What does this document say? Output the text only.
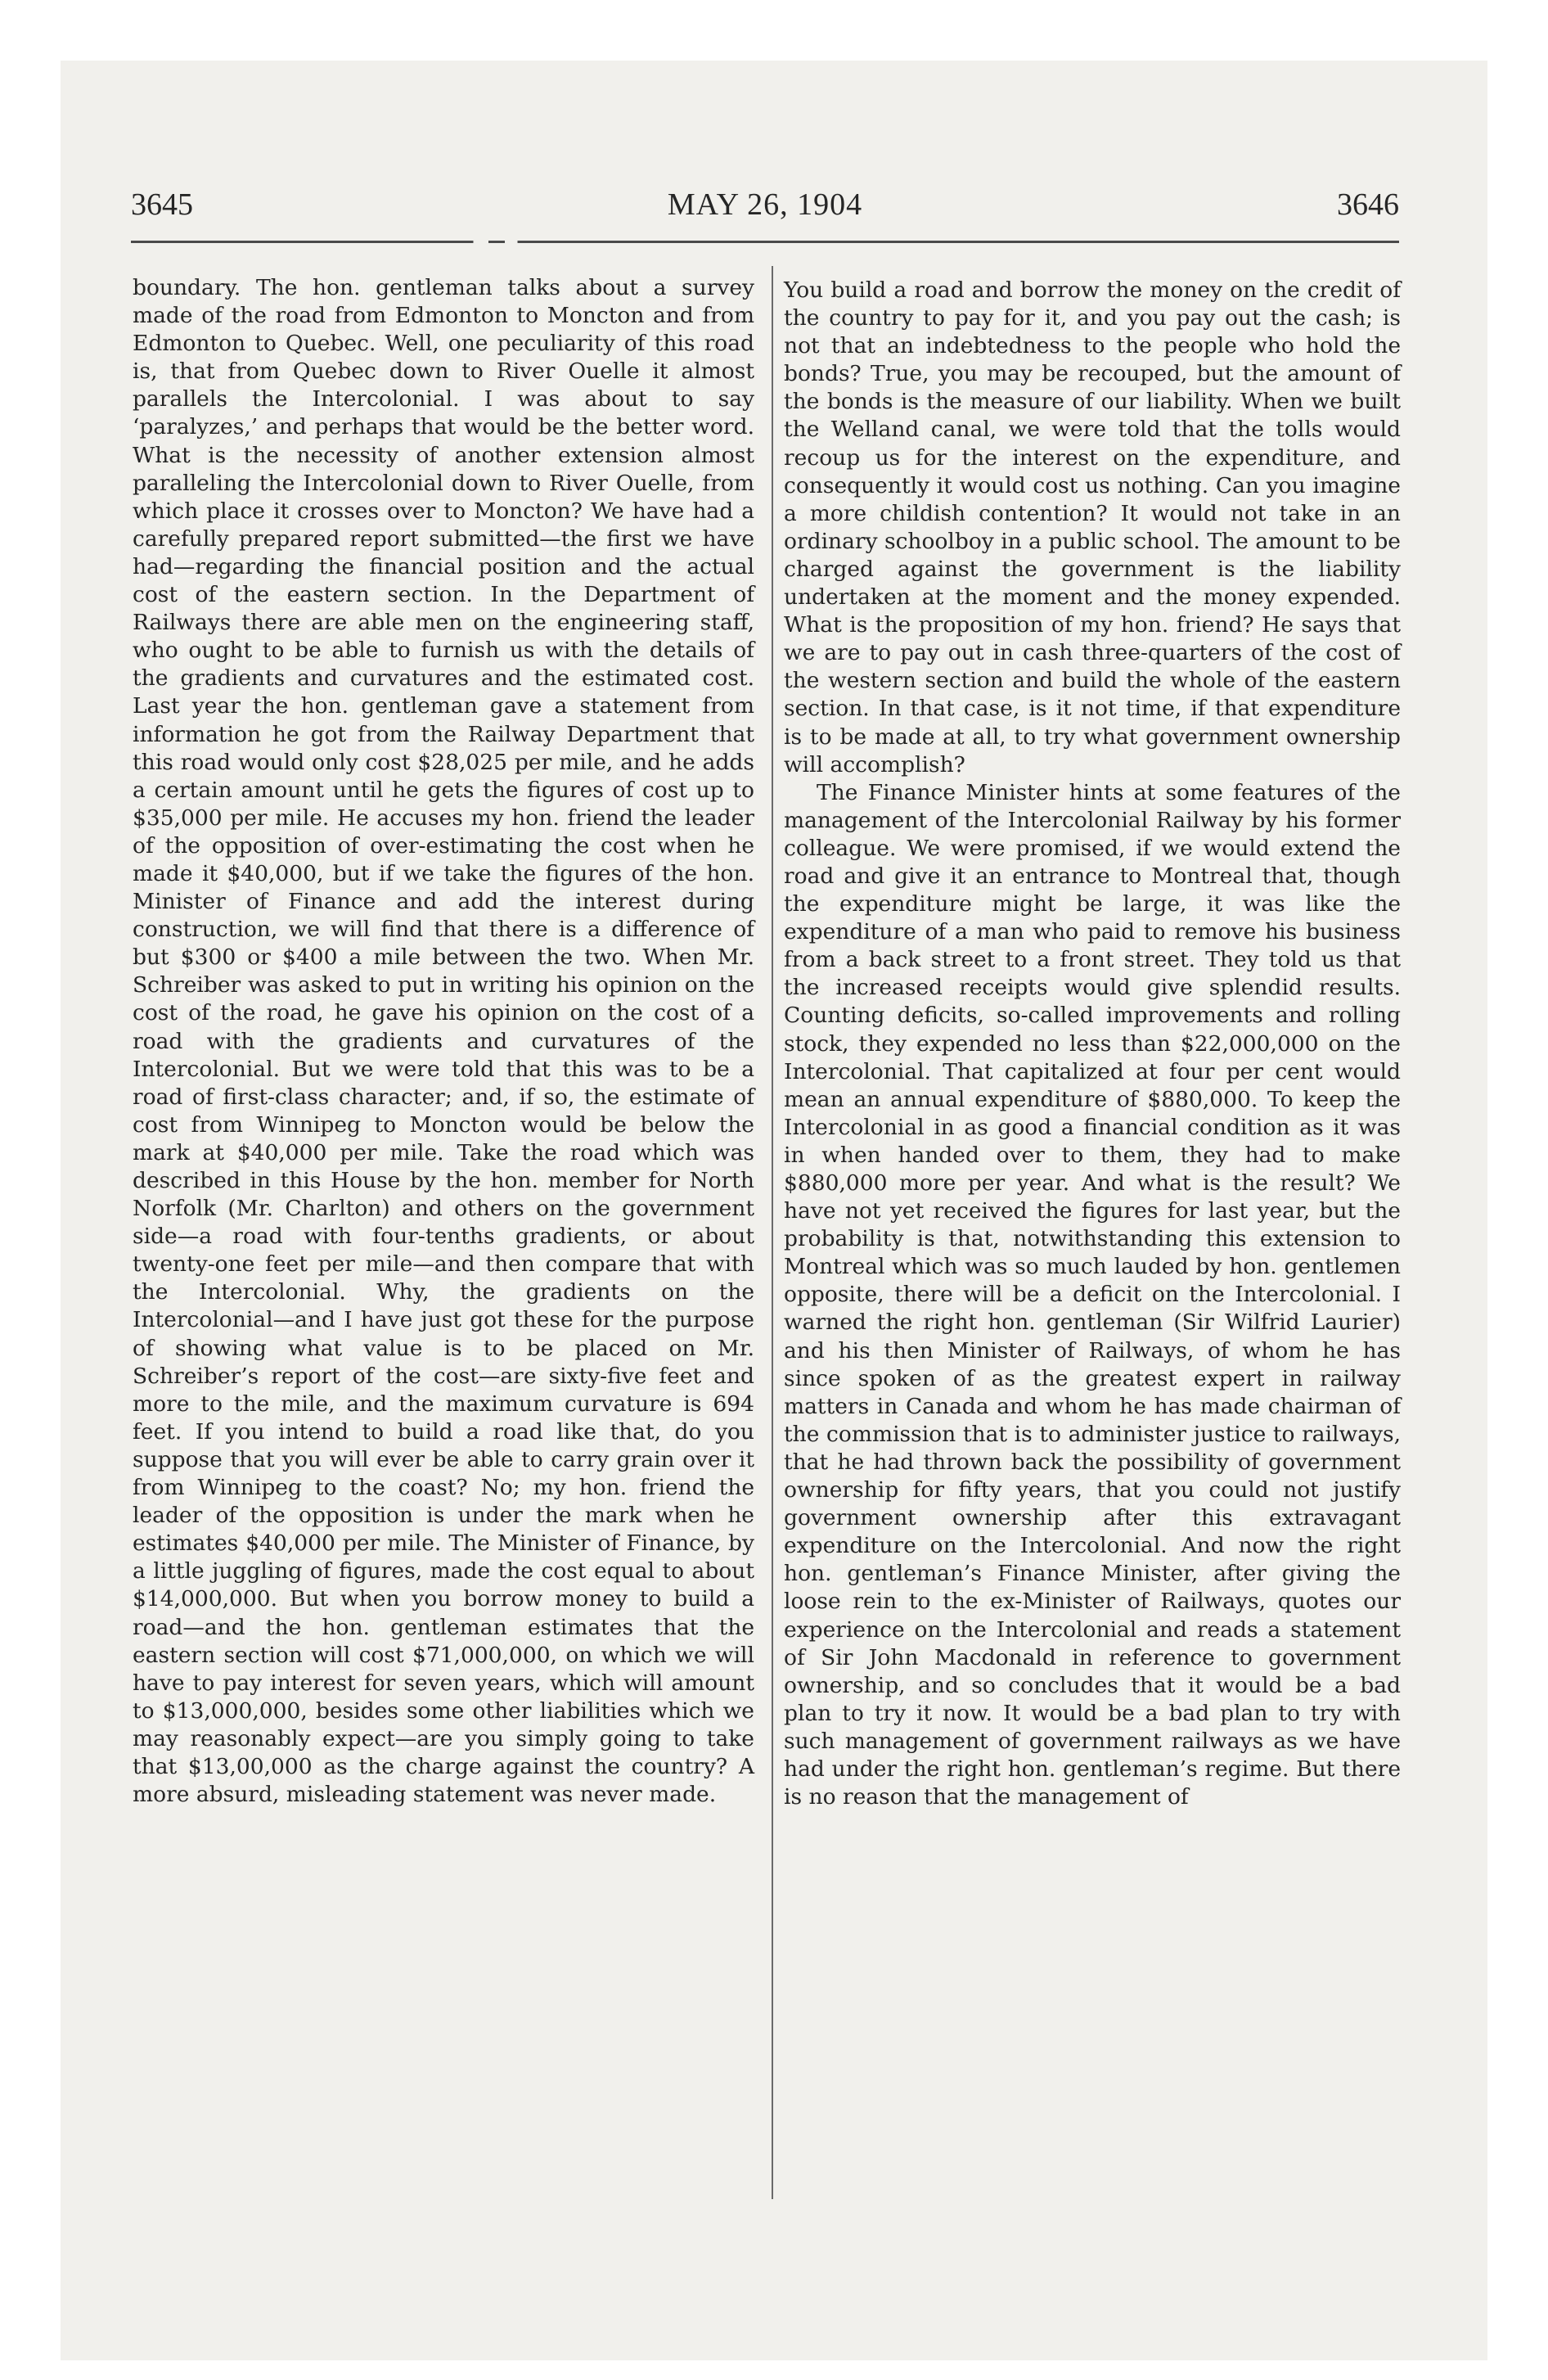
3645	MAY 26, 1904	3646

boundary. The hon. gentleman talks about a survey made of the road from Edmonton to Moncton and from Edmonton to Quebec. Well, one peculiarity of this road is, that from Quebec down to River Ouelle it almost parallels the Intercolonial. I was about to say ‘paralyzes,’ and perhaps that would be the better word. What is the necessity of another extension almost paralleling the Intercolonial down to River Ouelle, from which place it crosses over to Moncton? We have had a carefully prepared report submitted—the first we have had—regarding the financial position and the actual cost of the eastern section. In the Department of Railways there are able men on the engineering staff, who ought to be able to furnish us with the details of the gradients and curvatures and the estimated cost. Last year the hon. gentleman gave a statement from information he got from the Railway Department that this road would only cost $28,025 per mile, and he adds a certain amount until he gets the figures of cost up to $35,000 per mile. He accuses my hon. friend the leader of the opposition of over-estimating the cost when he made it $40,000, but if we take the figures of the hon. Minister of Finance and add the interest during construction, we will find that there is a difference of but $300 or $400 a mile between the two. When Mr. Schreiber was asked to put in writing his opinion on the cost of the road, he gave his opinion on the cost of a road with the gradients and curvatures of the Intercolonial. But we were told that this was to be a road of first-class character; and, if so, the estimate of cost from Winnipeg to Moncton would be below the mark at $40,000 per mile. Take the road which was described in this House by the hon. member for North Norfolk (Mr. Charlton) and others on the government side—a road with four-tenths gradients, or about twenty-one feet per mile—and then compare that with the Intercolonial. Why, the gradients on the Intercolonial—and I have just got these for the purpose of showing what value is to be placed on Mr. Schreiber’s report of the cost—are sixty-five feet and more to the mile, and the maximum curvature is 694 feet. If you intend to build a road like that, do you suppose that you will ever be able to carry grain over it from Winnipeg to the coast? No; my hon. friend the leader of the opposition is under the mark when he estimates $40,000 per mile. The Minister of Finance, by a little juggling of figures, made the cost equal to about $14,000,000. But when you borrow money to build a road—and the hon. gentleman estimates that the eastern section will cost $71,000,000, on which we will have to pay interest for seven years, which will amount to $13,000,000, besides some other liabilities which we may reasonably expect—are you simply going to take that $13,00,000 as the charge against the country? A more absurd, misleading statement was never made.

You build a road and borrow the money on the credit of the country to pay for it, and you pay out the cash; is not that an indebtedness to the people who hold the bonds? True, you may be recouped, but the amount of the bonds is the measure of our liability. When we built the Welland canal, we were told that the tolls would recoup us for the interest on the expenditure, and consequently it would cost us nothing. Can you imagine a more childish contention? It would not take in an ordinary schoolboy in a public school. The amount to be charged against the government is the liability undertaken at the moment and the money expended. What is the proposition of my hon. friend? He says that we are to pay out in cash three-quarters of the cost of the western section and build the whole of the eastern section. In that case, is it not time, if that expenditure is to be made at all, to try what government ownership will accomplish?

The Finance Minister hints at some features of the management of the Intercolonial Railway by his former colleague. We were promised, if we would extend the road and give it an entrance to Montreal that, though the expenditure might be large, it was like the expenditure of a man who paid to remove his business from a back street to a front street. They told us that the increased receipts would give splendid results. Counting deficits, so-called improvements and rolling stock, they expended no less than $22,000,000 on the Intercolonial. That capitalized at four per cent would mean an annual expenditure of $880,000. To keep the Intercolonial in as good a financial condition as it was in when handed over to them, they had to make $880,000 more per year. And what is the result? We have not yet received the figures for last year, but the probability is that, notwithstanding this extension to Montreal which was so much lauded by hon. gentlemen opposite, there will be a deficit on the Intercolonial. I warned the right hon. gentleman (Sir Wilfrid Laurier) and his then Minister of Railways, of whom he has since spoken of as the greatest expert in railway matters in Canada and whom he has made chairman of the commission that is to administer justice to railways, that he had thrown back the possibility of government ownership for fifty years, that you could not justify government ownership after this extravagant expenditure on the Intercolonial. And now the right hon. gentleman’s Finance Minister, after giving the loose rein to the ex-Minister of Railways, quotes our experience on the Intercolonial and reads a statement of Sir John Macdonald in reference to government ownership, and so concludes that it would be a bad plan to try it now. It would be a bad plan to try with such management of government railways as we have had under the right hon. gentleman’s regime. But there is no reason that the management of
